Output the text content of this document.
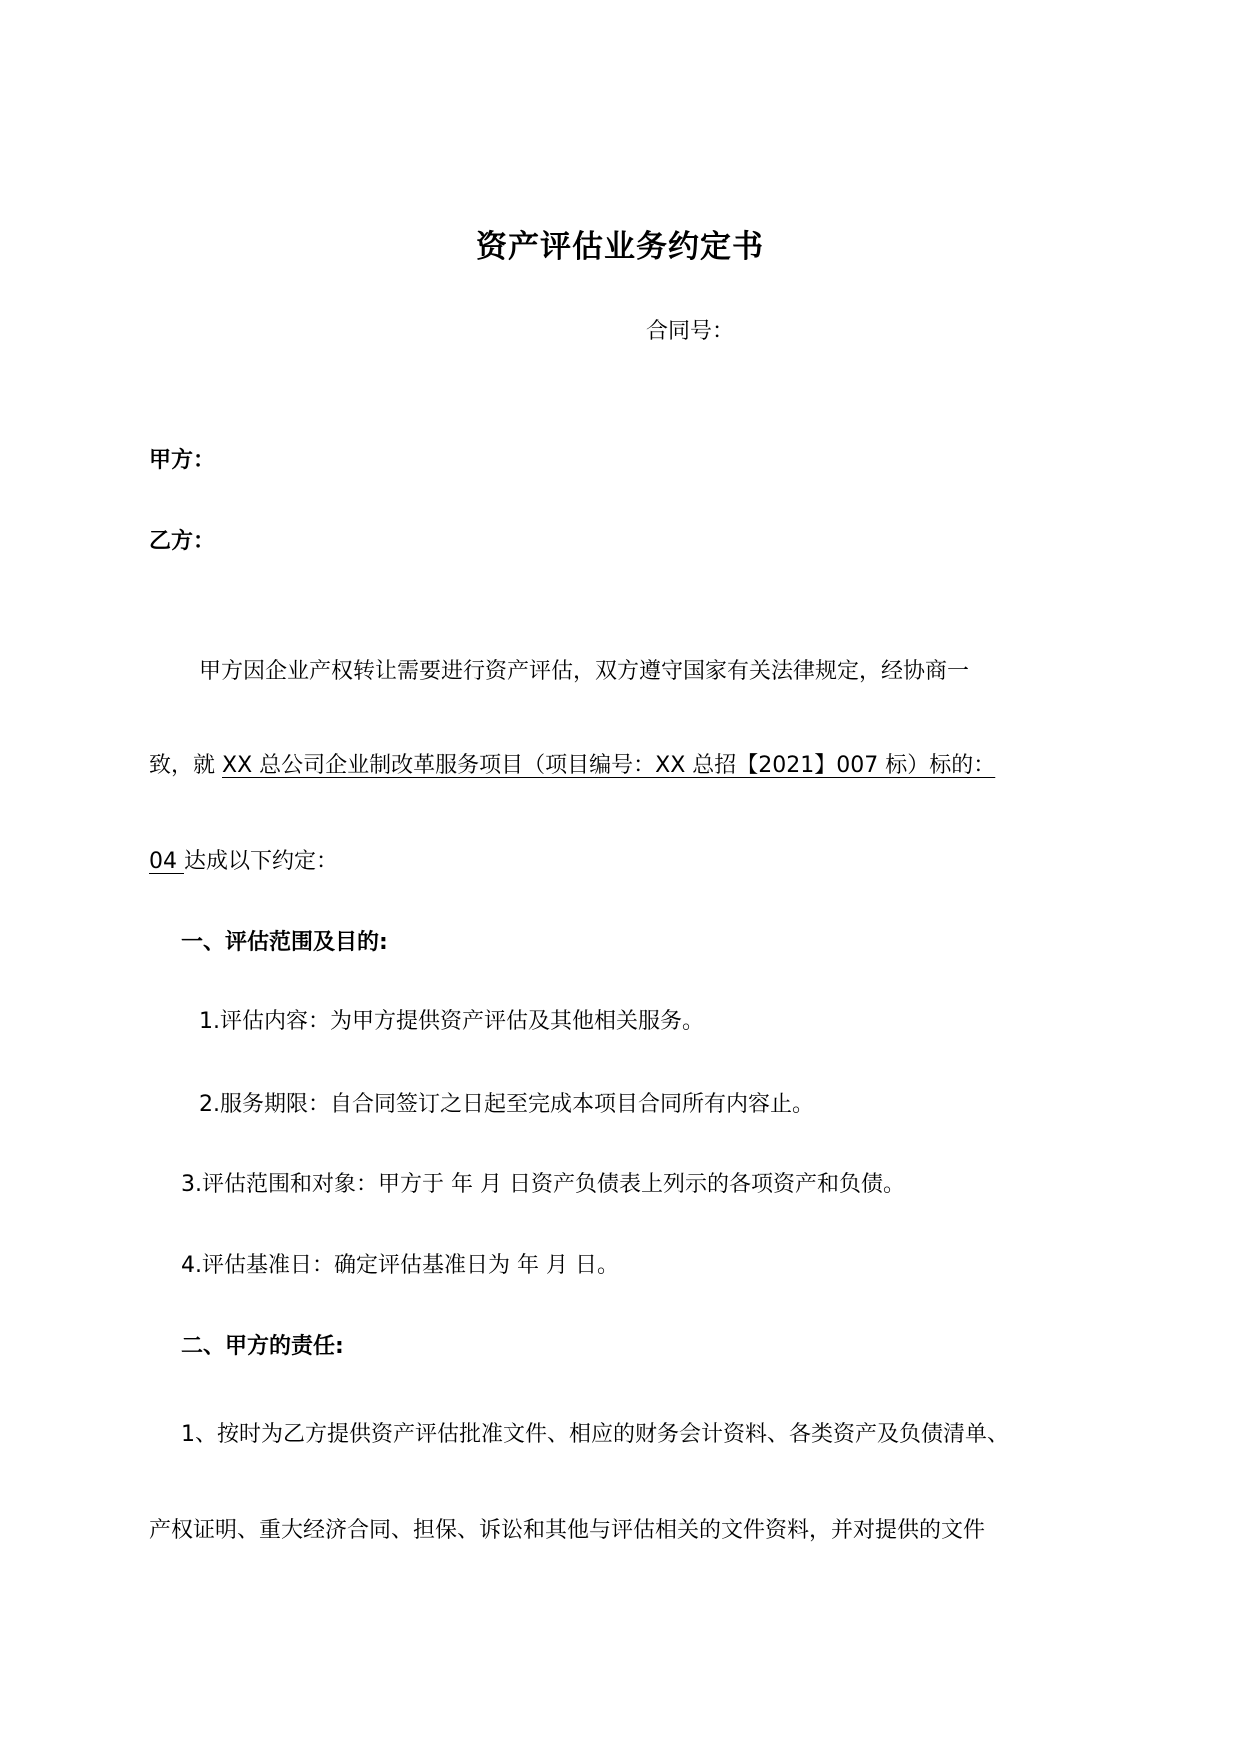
资产评估业务约定书
合同号：
甲方：
乙方：
甲方因企业产权转让需要进行资产评估，双方遵守国家有关法律规定，经协商一
致，就 XX 总公司企业制改革服务项目（项目编号：XX 总招【2021】007 标）标的：
04 达成以下约定：
一、评估范围及目的:
1.评估内容：为甲方提供资产评估及其他相关服务。
2.服务期限：自合同签订之日起至完成本项目合同所有内容止。
3.评估范围和对象：甲方于 年 月 日资产负债表上列示的各项资产和负债。
4.评估基准日：确定评估基准日为 年 月 日。
二、甲方的责任:
1、按时为乙方提供资产评估批准文件、相应的财务会计资料、各类资产及负债清单、
产权证明、重大经济合同、担保、诉讼和其他与评估相关的文件资料，并对提供的文件
